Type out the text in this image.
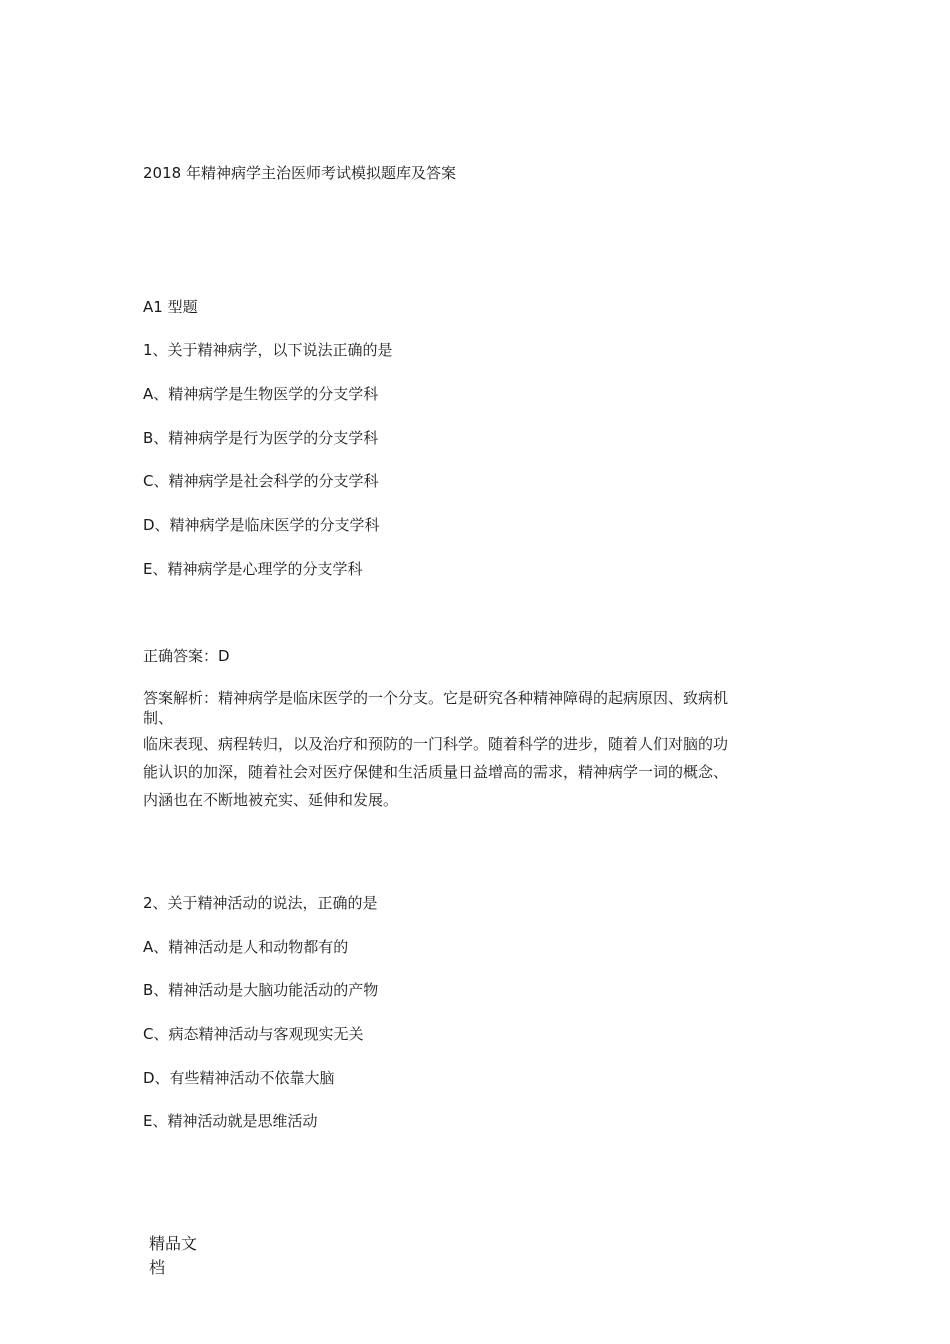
2018 年精神病学主治医师考试模拟题库及答案
A1 型题
1、关于精神病学，以下说法正确的是
A、精神病学是生物医学的分支学科
B、精神病学是行为医学的分支学科
C、精神病学是社会科学的分支学科
D、精神病学是临床医学的分支学科
E、精神病学是心理学的分支学科
正确答案：D
答案解析：精神病学是临床医学的一个分支。它是研究各种精神障碍的起病原因、致病机
制、
临床表现、病程转归，以及治疗和预防的一门科学。随着科学的进步，随着人们对脑的功
能认识的加深，随着社会对医疗保健和生活质量日益增高的需求，精神病学一词的概念、
内涵也在不断地被充实、延伸和发展。
2、关于精神活动的说法，正确的是
A、精神活动是人和动物都有的
B、精神活动是大脑功能活动的产物
C、病态精神活动与客观现实无关
D、有些精神活动不依靠大脑
E、精神活动就是思维活动
精品文
档
